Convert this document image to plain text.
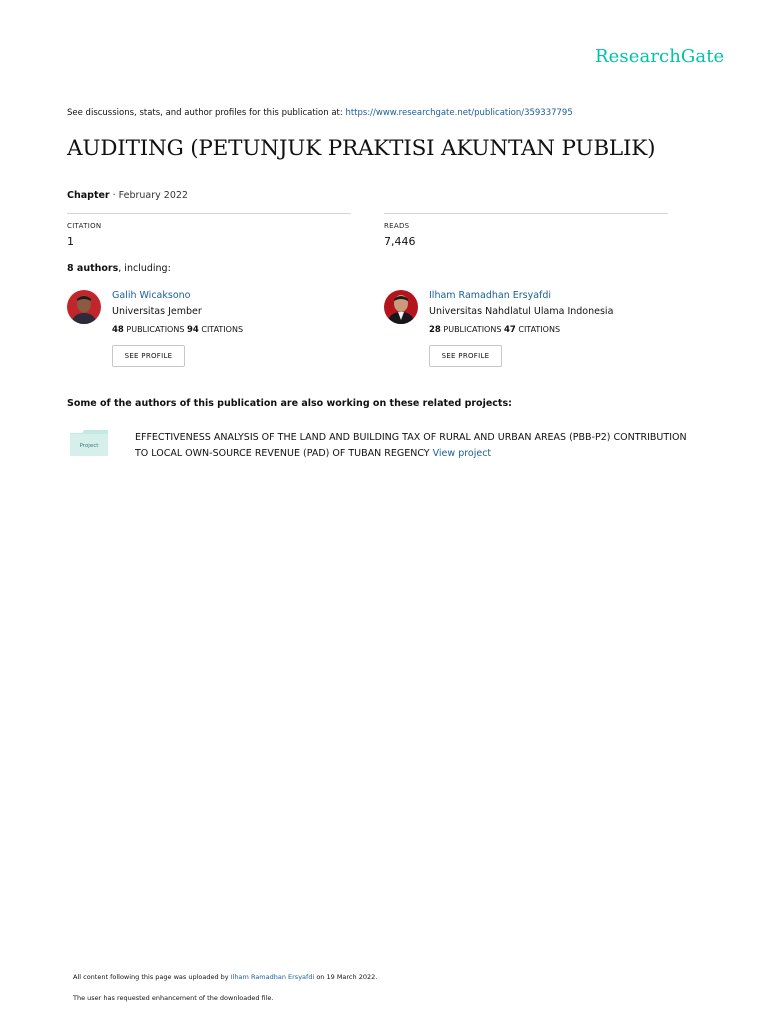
ResearchGate
See discussions, stats, and author profiles for this publication at: https://www.researchgate.net/publication/359337795
AUDITING (PETUNJUK PRAKTISI AKUNTAN PUBLIK)
Chapter · February 2022
CITATION
1
READS
7,446
8 authors, including:
Galih Wicaksono
Universitas Jember
48 PUBLICATIONS 94 CITATIONS
SEE PROFILE
Ilham Ramadhan Ersyafdi
Universitas Nahdlatul Ulama Indonesia
28 PUBLICATIONS 47 CITATIONS
SEE PROFILE
Some of the authors of this publication are also working on these related projects:
Project
EFFECTIVENESS ANALYSIS OF THE LAND AND BUILDING TAX OF RURAL AND URBAN AREAS (PBB-P2) CONTRIBUTION TO LOCAL OWN-SOURCE REVENUE (PAD) OF TUBAN REGENCY View project
All content following this page was uploaded by Ilham Ramadhan Ersyafdi on 19 March 2022.
The user has requested enhancement of the downloaded file.
